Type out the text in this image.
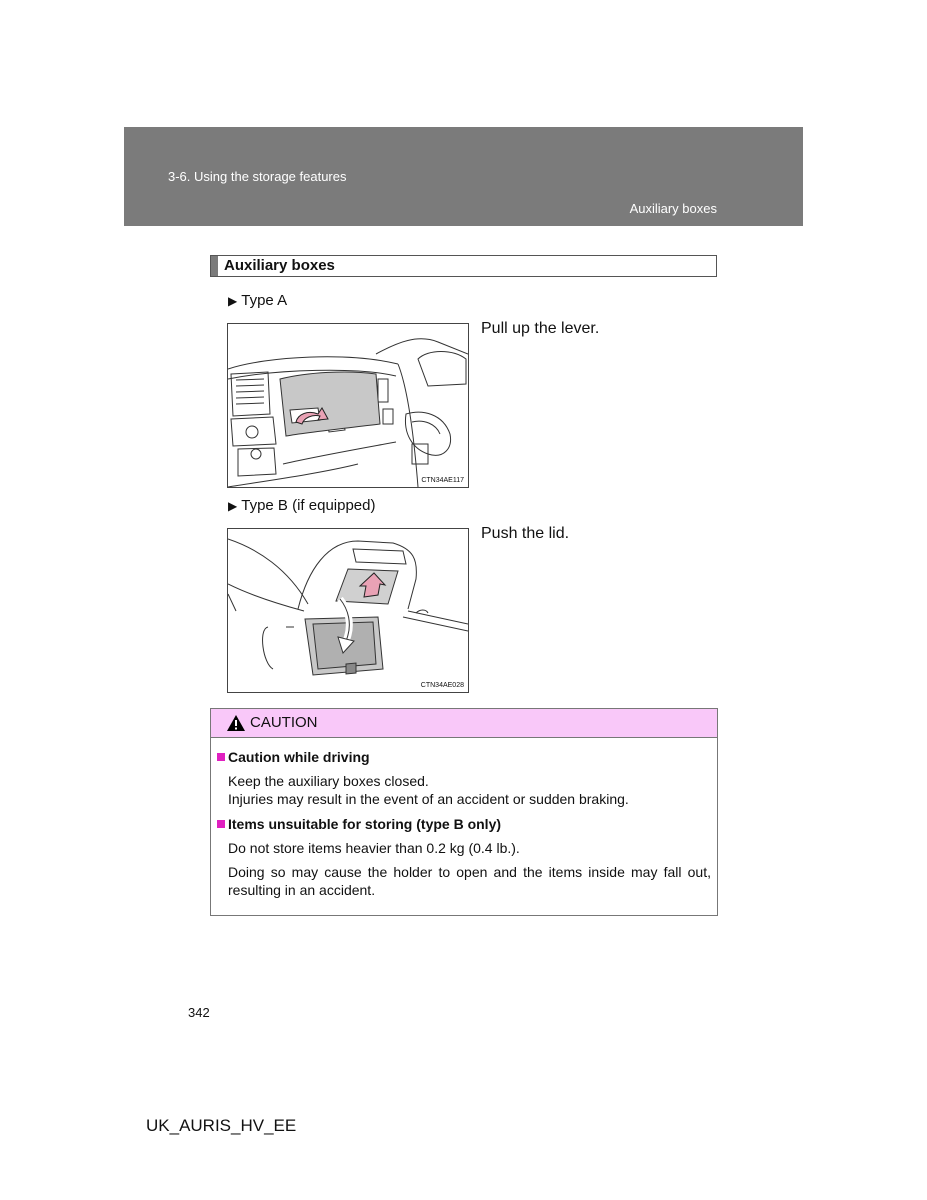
3-6. Using the storage features
Auxiliary boxes
Auxiliary boxes
▶ Type A
CTN34AE117
Pull up the lever.
▶ Type B (if equipped)
CTN34AE028
Push the lid.
CAUTION
Caution while driving
Keep the auxiliary boxes closed.
Injuries may result in the event of an accident or sudden braking.
Items unsuitable for storing (type B only)
Do not store items heavier than 0.2 kg (0.4 lb.).
Doing so may cause the holder to open and the items inside may fall out, resulting in an accident.
342
UK_AURIS_HV_EE
